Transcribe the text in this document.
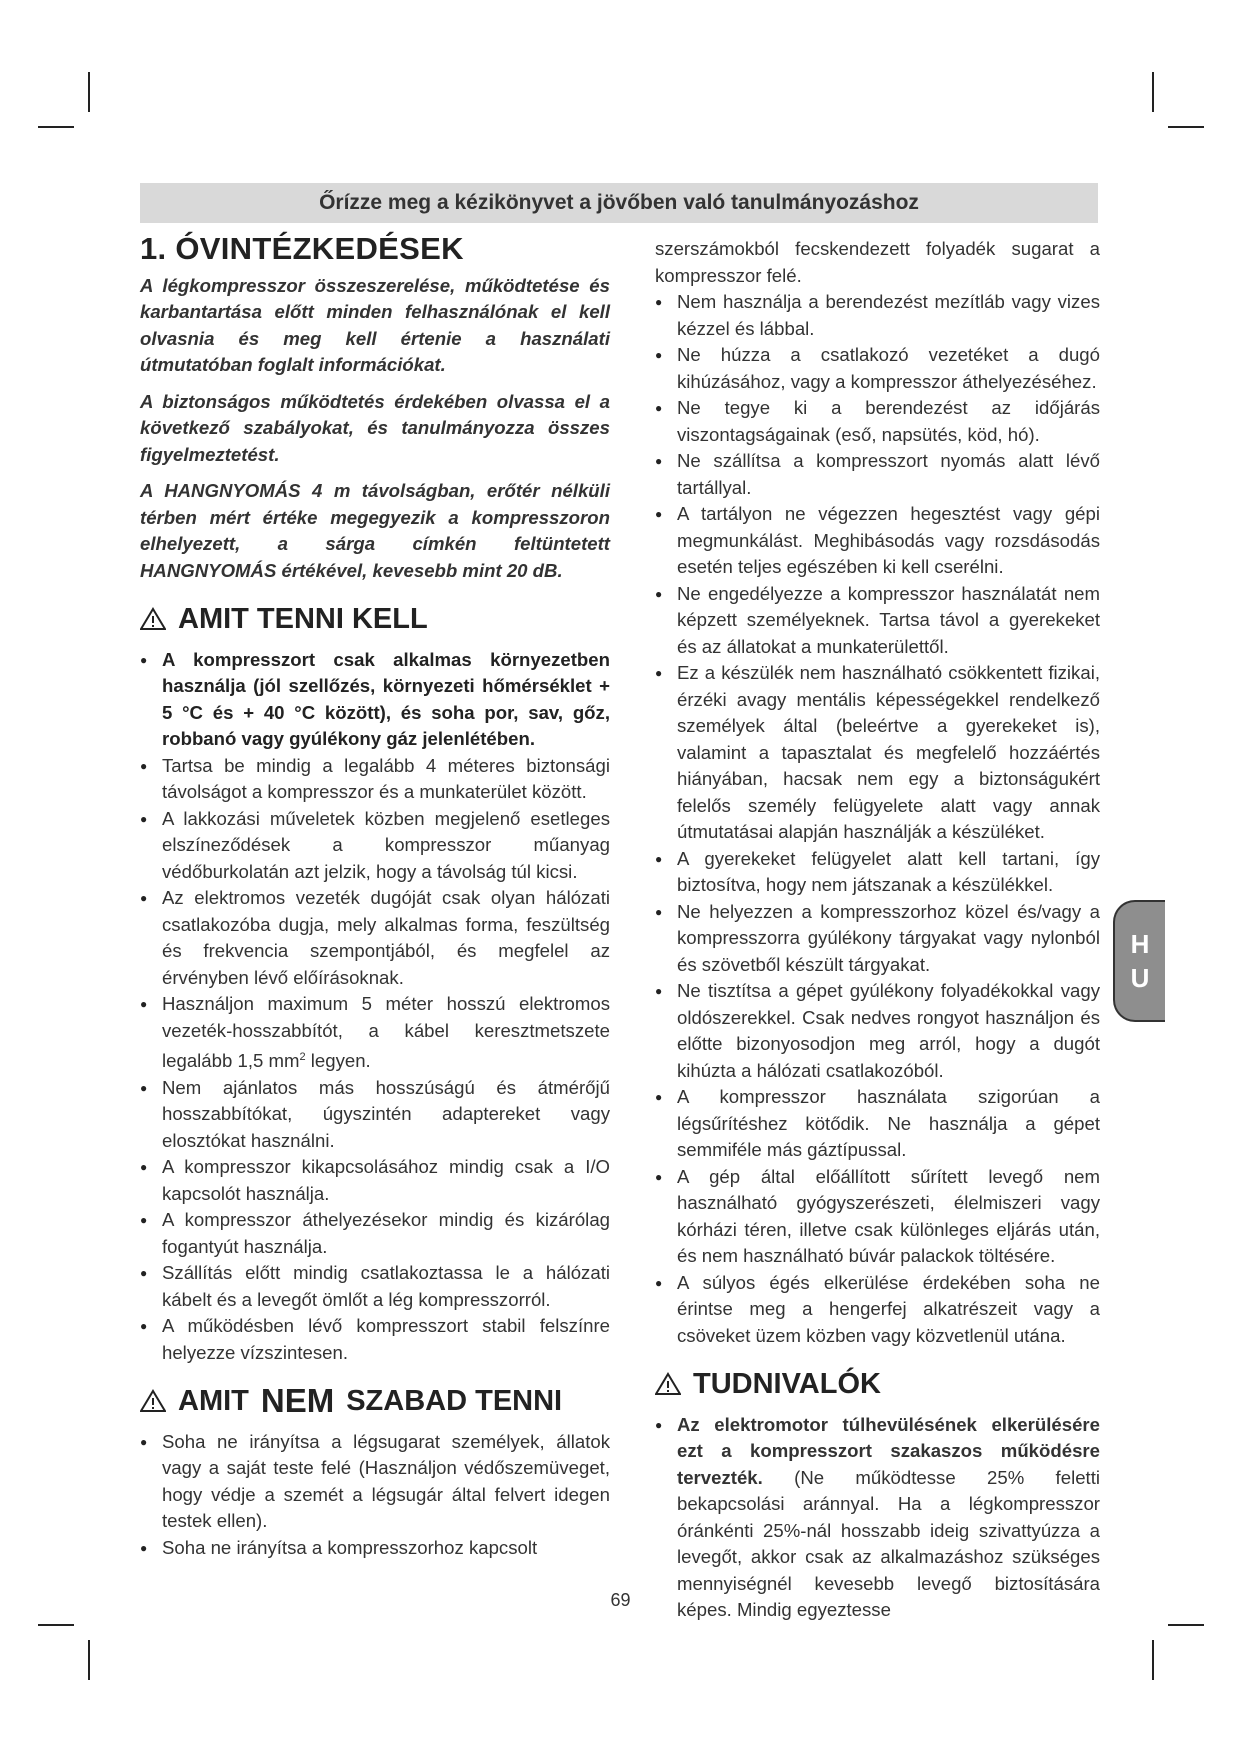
Őrízze meg a kézikönyvet a jövőben való tanulmányozáshoz
1. ÓVINTÉZKEDÉSEK

A légkompresszor összeszerelése, működtetése és karbantartása előtt minden felhasználónak el kell olvasnia és meg kell értenie a használati útmutatóban foglalt információkat.

A biztonságos működtetés érdekében olvassa el a következő szabályokat, és tanulmányozza összes figyelmeztetést.

A HANGNYOMÁS 4 m távolságban, erőtér nélküli térben mért értéke megegyezik a kompresszoron elhelyezett, a sárga címkén feltüntetett HANGNYOMÁS értékével, kevesebb mint 20 dB.

AMIT TENNI KELL
● A kompresszort csak alkalmas környezetben használja (jól szellőzés, környezeti hőmérséklet + 5 °C és + 40 °C között), és soha por, sav, gőz, robbanó vagy gyúlékony gáz jelenlétében.
● Tartsa be mindig a legalább 4 méteres biztonsági távolságot a kompresszor és a munkaterület között.
● A lakkozási műveletek közben megjelenő esetleges elszíneződések a kompresszor műanyag védőburkolatán azt jelzik, hogy a távolság túl kicsi.
● Az elektromos vezeték dugóját csak olyan hálózati csatlakozóba dugja, mely alkalmas forma, feszültség és frekvencia szempontjából, és megfelel az érvényben lévő előírásoknak.
● Használjon maximum 5 méter hosszú elektromos vezeték-hosszabbítót, a kábel keresztmetszete legalább 1,5 $mm^2$ legyen.
● Nem ajánlatos más hosszúságú és átmérőjű hosszabbítókat, úgyszintén adaptereket vagy elosztókat használni.
● A kompresszor kikapcsolásához mindig csak a I/O kapcsolót használja.
● A kompresszor áthelyezésekor mindig és kizárólag fogantyút használja.
● Szállítás előtt mindig csatlakoztassa le a hálózati kábelt és a levegőt ömlőt a lég kompresszorról.
● A működésben lévő kompresszort stabil felszínre helyezze vízszintesen.
AMIT NEM SZABAD TENNI
● Soha ne irányítsa a légsugarat személyek, állatok vagy a saját teste felé (Használjon védőszemüveget, hogy védje a szemét a légsugár által felvert idegen testek ellen).
● Soha ne irányítsa a kompresszorhoz kapcsolt
szerszámokból fecskendezett folyadék sugarat a kompresszor felé.
● Nem használja a berendezést mezítláb vagy vizes kézzel és lábbal.
● Ne húzza a csatlakozó vezetéket a dugó kihúzásához, vagy a kompresszor áthelyezéséhez.
● Ne tegye ki a berendezést az időjárás viszontagságainak (eső, napsütés, köd, hó).
● Ne szállítsa a kompresszort nyomás alatt lévő tartállyal.
● A tartályon ne végezzen hegesztést vagy gépi megmunkálást. Meghibásodás vagy rozsdásodás esetén teljes egészében ki kell cserélni.
● Ne engedélyezze a kompresszor használatát nem képzett személyeknek. Tartsa távol a gyerekeket és az állatokat a munkaterülettől.
● Ez a készülék nem használható csökkentett fizikai, érzéki avagy mentális képességekkel rendelkező személyek által (beleértve a gyerekeket is), valamint a tapasztalat és megfelelő hozzáértés hiányában, hacsak nem egy a biztonságukért felelős személy felügyelete alatt vagy annak útmutatásai alapján használják a készüléket.
● A gyerekeket felügyelet alatt kell tartani, így biztosítva, hogy nem játszanak a készülékkel.
● Ne helyezzen a kompresszorhoz közel és/vagy a kompresszorra gyúlékony tárgyakat vagy nylonból és szövetből készült tárgyakat.
● Ne tisztítsa a gépet gyúlékony folyadékokkal vagy oldószerekkel. Csak nedves rongyot használjon és előtte bizonyosodjon meg arról, hogy a dugót kihúzta a hálózati csatlakozóból.
● A kompresszor használata szigorúan a légsűrítéshez kötődik. Ne használja a gépet semmiféle más gáztípussal.
● A gép által előállított sűrített levegő nem használható gyógyszerészeti, élelmiszeri vagy kórházi téren, illetve csak különleges eljárás után, és nem használható búvár palackok töltésére.
● A súlyos égés elkerülése érdekében soha ne érintse meg a hengerfej alkatrészeit vagy a csöveket üzem közben vagy közvetlenül utána.
TUDNIVALÓK
● Az elektromotor túlhevülésének elkerülésére ezt a kompresszort szakaszos működésre tervezték. (Ne működtesse 25% feletti bekapcsolási aránnyal. Ha a légkompresszor óránkénti 25%-nál hosszabb ideig szivattyúzza a levegőt, akkor csak az alkalmazáshoz szükséges mennyiségnél kevesebb levegő biztosítására képes. Mindig egyeztesse
H
U
69
